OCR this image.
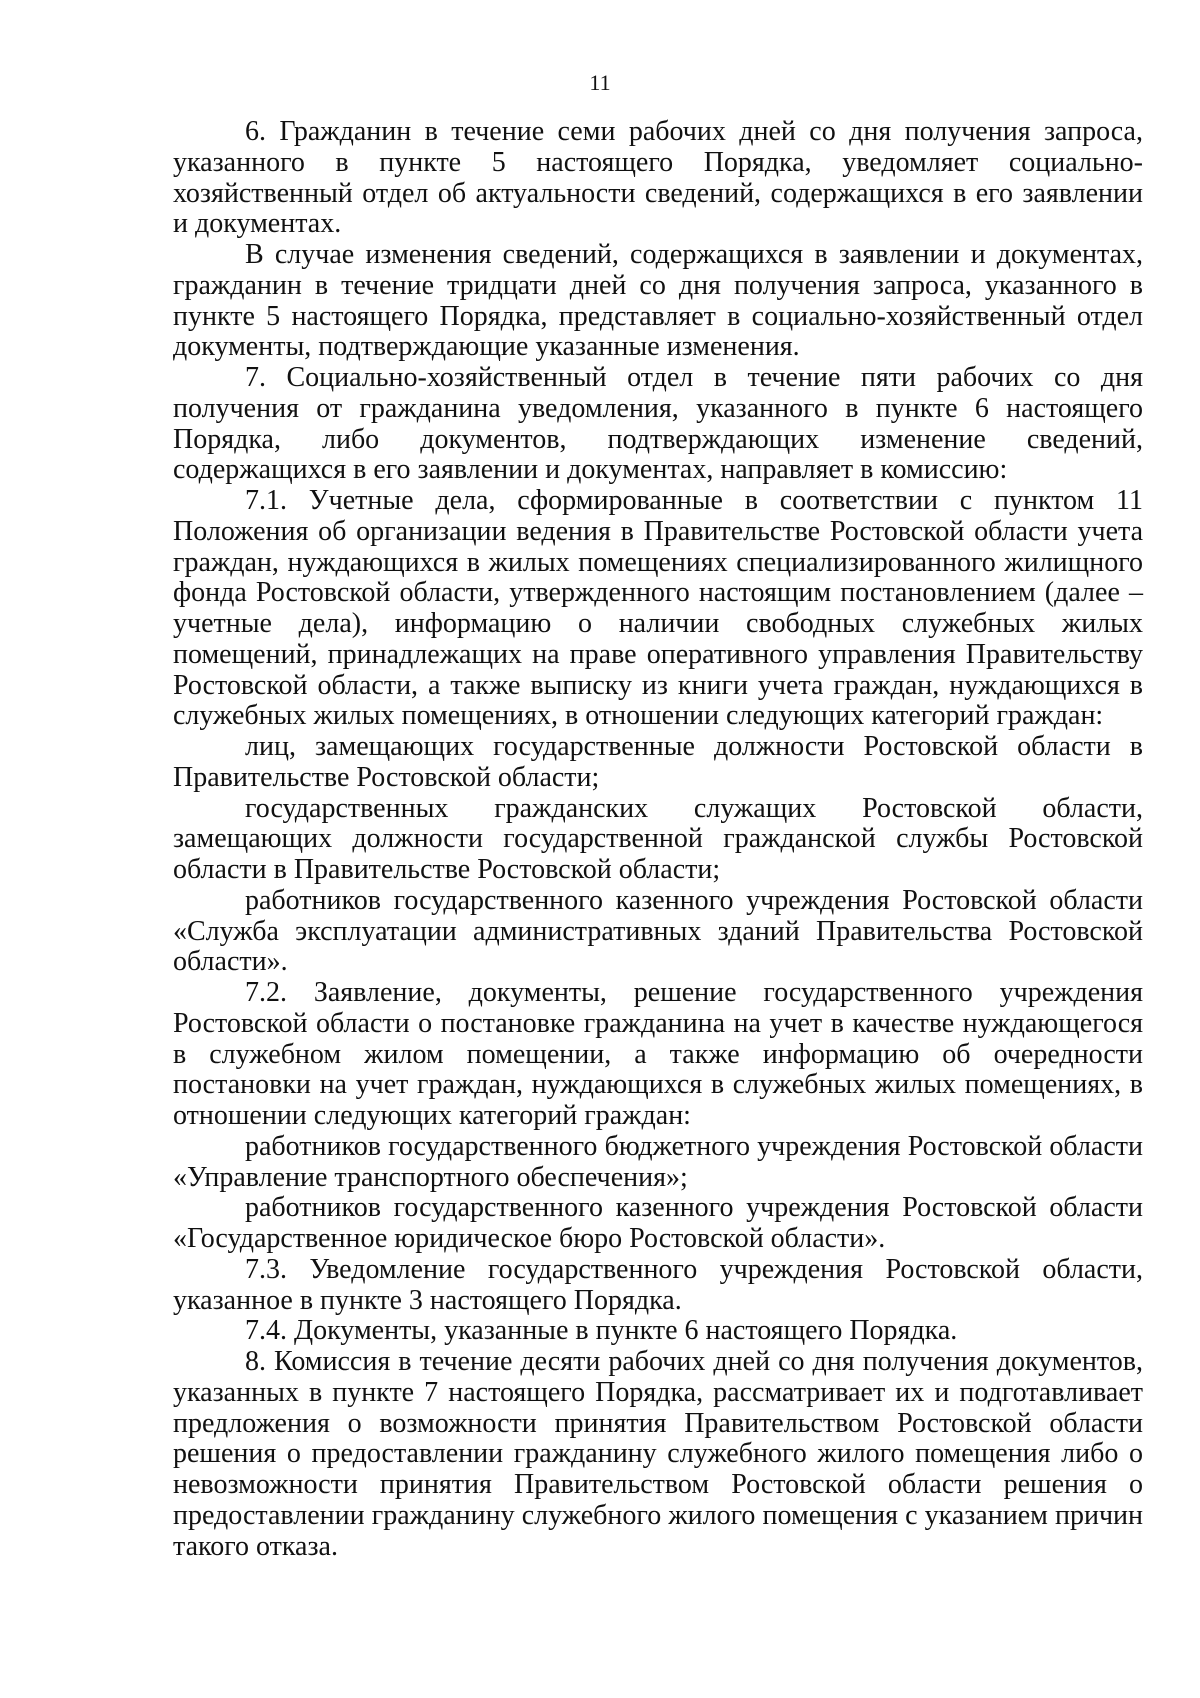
11

6. Гражданин в течение семи рабочих дней со дня получения запроса, указанного в пункте 5 настоящего Порядка, уведомляет социально-хозяйственный отдел об актуальности сведений, содержащихся в его заявлении и документах.

В случае изменения сведений, содержащихся в заявлении и документах, гражданин в течение тридцати дней со дня получения запроса, указанного в пункте 5 настоящего Порядка, представляет в социально-хозяйственный отдел документы, подтверждающие указанные изменения.

7. Социально-хозяйственный отдел в течение пяти рабочих со дня получения от гражданина уведомления, указанного в пункте 6 настоящего Порядка, либо документов, подтверждающих изменение сведений, содержащихся в его заявлении и документах, направляет в комиссию:

7.1. Учетные дела, сформированные в соответствии с пунктом 11 Положения об организации ведения в Правительстве Ростовской области учета граждан, нуждающихся в жилых помещениях специализированного жилищного фонда Ростовской области, утвержденного настоящим постановлением (далее – учетные дела), информацию о наличии свободных служебных жилых помещений, принадлежащих на праве оперативного управления Правительству Ростовской области, а также выписку из книги учета граждан, нуждающихся в служебных жилых помещениях, в отношении следующих категорий граждан:

лиц, замещающих государственные должности Ростовской области в Правительстве Ростовской области;

государственных гражданских служащих Ростовской области, замещающих должности государственной гражданской службы Ростовской области в Правительстве Ростовской области;

работников государственного казенного учреждения Ростовской области «Служба эксплуатации административных зданий Правительства Ростовской области».

7.2. Заявление, документы, решение государственного учреждения Ростовской области о постановке гражданина на учет в качестве нуждающегося в служебном жилом помещении, а также информацию об очередности постановки на учет граждан, нуждающихся в служебных жилых помещениях, в отношении следующих категорий граждан:

работников государственного бюджетного учреждения Ростовской области «Управление транспортного обеспечения»;

работников государственного казенного учреждения Ростовской области «Государственное юридическое бюро Ростовской области».

7.3. Уведомление государственного учреждения Ростовской области, указанное в пункте 3 настоящего Порядка.

7.4. Документы, указанные в пункте 6 настоящего Порядка.

8. Комиссия в течение десяти рабочих дней со дня получения документов, указанных в пункте 7 настоящего Порядка, рассматривает их и подготавливает предложения о возможности принятия Правительством Ростовской области решения о предоставлении гражданину служебного жилого помещения либо о невозможности принятия Правительством Ростовской области решения о предоставлении гражданину служебного жилого помещения с указанием причин такого отказа.
